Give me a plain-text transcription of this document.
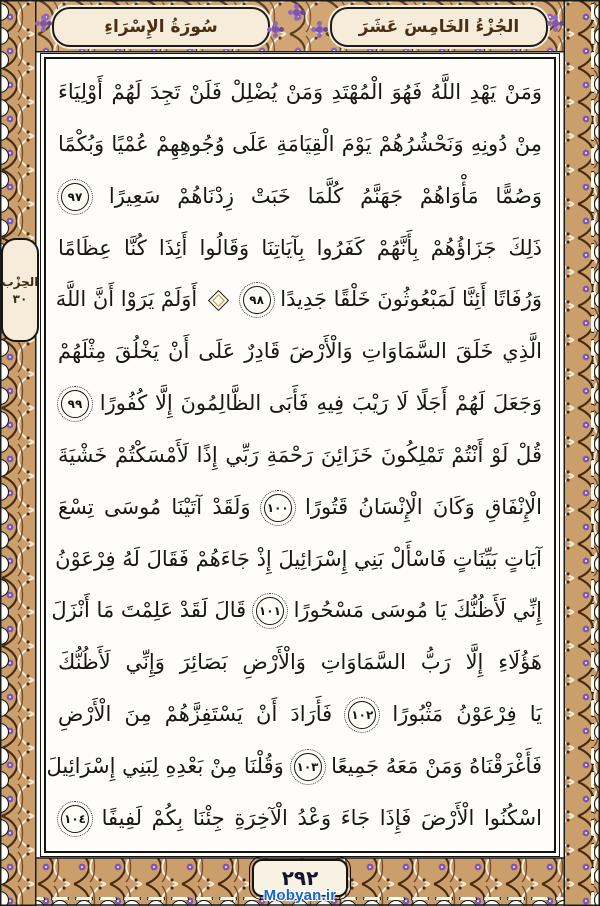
سُورَةُ الإِسْرَاءِ	الجُزْءُ الخَامِسَ عَشَرَ
الحِزْب
٣٠
وَمَنْ يَهْدِ اللَّهُ فَهُوَ الْمُهْتَدِ وَمَنْ يُضْلِلْ فَلَنْ تَجِدَ لَهُمْ أَوْلِيَاءَ
مِنْ دُونِهِ وَنَحْشُرُهُمْ يَوْمَ الْقِيَامَةِ عَلَى وُجُوهِهِمْ عُمْيًا وَبُكْمًا
وَصُمًّا مَأْوَاهُمْ جَهَنَّمُ كُلَّمَا خَبَتْ زِدْنَاهُمْ سَعِيرًا ٩٧
ذَلِكَ جَزَاؤُهُمْ بِأَنَّهُمْ كَفَرُوا بِآيَاتِنَا وَقَالُوا أَئِذَا كُنَّا عِظَامًا
وَرُفَاتًا أَئِنَّا لَمَبْعُوثُونَ خَلْقًا جَدِيدًا ٩٨  أَوَلَمْ يَرَوْا أَنَّ اللَّهَ
الَّذِي خَلَقَ السَّمَاوَاتِ وَالْأَرْضَ قَادِرٌ عَلَى أَنْ يَخْلُقَ مِثْلَهُمْ
وَجَعَلَ لَهُمْ أَجَلًا لَا رَيْبَ فِيهِ فَأَبَى الظَّالِمُونَ إِلَّا كُفُورًا ٩٩
قُلْ لَوْ أَنْتُمْ تَمْلِكُونَ خَزَائِنَ رَحْمَةِ رَبِّي إِذًا لَأَمْسَكْتُمْ خَشْيَةَ
الْإِنْفَاقِ وَكَانَ الْإِنْسَانُ قَتُورًا ١٠٠ وَلَقَدْ آتَيْنَا مُوسَى تِسْعَ
آيَاتٍ بَيِّنَاتٍ فَاسْأَلْ بَنِي إِسْرَائِيلَ إِذْ جَاءَهُمْ فَقَالَ لَهُ فِرْعَوْنُ
إِنِّي لَأَظُنُّكَ يَا مُوسَى مَسْحُورًا ١٠١ قَالَ لَقَدْ عَلِمْتَ مَا أَنْزَلَ
هَؤُلَاءِ إِلَّا رَبُّ السَّمَاوَاتِ وَالْأَرْضِ بَصَائِرَ وَإِنِّي لَأَظُنُّكَ
يَا فِرْعَوْنُ مَثْبُورًا ١٠٢ فَأَرَادَ أَنْ يَسْتَفِزَّهُمْ مِنَ الْأَرْضِ
فَأَغْرَقْنَاهُ وَمَنْ مَعَهُ جَمِيعًا ١٠٣ وَقُلْنَا مِنْ بَعْدِهِ لِبَنِي إِسْرَائِيلَ
اسْكُنُوا الْأَرْضَ فَإِذَا جَاءَ وَعْدُ الْآخِرَةِ جِئْنَا بِكُمْ لَفِيفًا ١٠٤
٢٩٢
Mobyan.ir
